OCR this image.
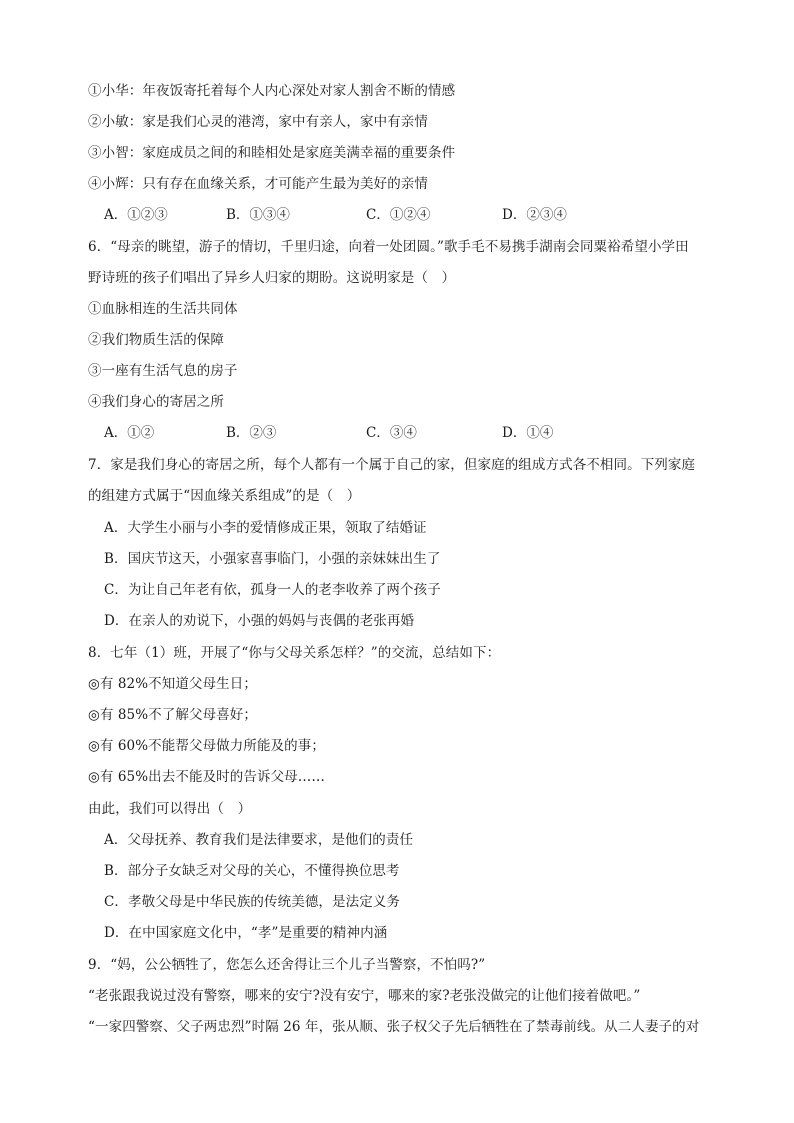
①小华：年夜饭寄托着每个人内心深处对家人割舍不断的情感
②小敏：家是我们心灵的港湾，家中有亲人，家中有亲情
③小智：家庭成员之间的和睦相处是家庭美满幸福的重要条件
④小辉：只有存在血缘关系，才可能产生最为美好的亲情
A．①②③	B．①③④	C．①②④	D．②③④
6．“母亲的眺望，游子的情切，千里归途，向着一处团圆。”歌手毛不易携手湖南会同粟裕希望小学田
野诗班的孩子们唱出了异乡人归家的期盼。这说明家是（　）
①血脉相连的生活共同体
②我们物质生活的保障
③一座有生活气息的房子
④我们身心的寄居之所
A．①②	B．②③	C．③④	D．①④
7．家是我们身心的寄居之所，每个人都有一个属于自己的家，但家庭的组成方式各不相同。下列家庭
的组建方式属于“因血缘关系组成”的是（　）
A．大学生小丽与小李的爱情修成正果，领取了结婚证
B．国庆节这天，小强家喜事临门，小强的亲妹妹出生了
C．为让自己年老有依，孤身一人的老李收养了两个孩子
D．在亲人的劝说下，小强的妈妈与丧偶的老张再婚
8．七年（1）班，开展了“你与父母关系怎样？”的交流，总结如下：
◎有 82%不知道父母生日；
◎有 85%不了解父母喜好；
◎有 60%不能帮父母做力所能及的事；
◎有 65%出去不能及时的告诉父母……
由此，我们可以得出（　）
A．父母抚养、教育我们是法律要求，是他们的责任
B．部分子女缺乏对父母的关心，不懂得换位思考
C．孝敬父母是中华民族的传统美德，是法定义务
D．在中国家庭文化中，“孝”是重要的精神内涵
9．“妈，公公牺牲了，您怎么还舍得让三个儿子当警察，不怕吗?”
“老张跟我说过没有警察，哪来的安宁?没有安宁，哪来的家?老张没做完的让他们接着做吧。”
“一家四警察、父子两忠烈”时隔 26 年，张从顺、张子权父子先后牺牲在了禁毒前线。从二人妻子的对
